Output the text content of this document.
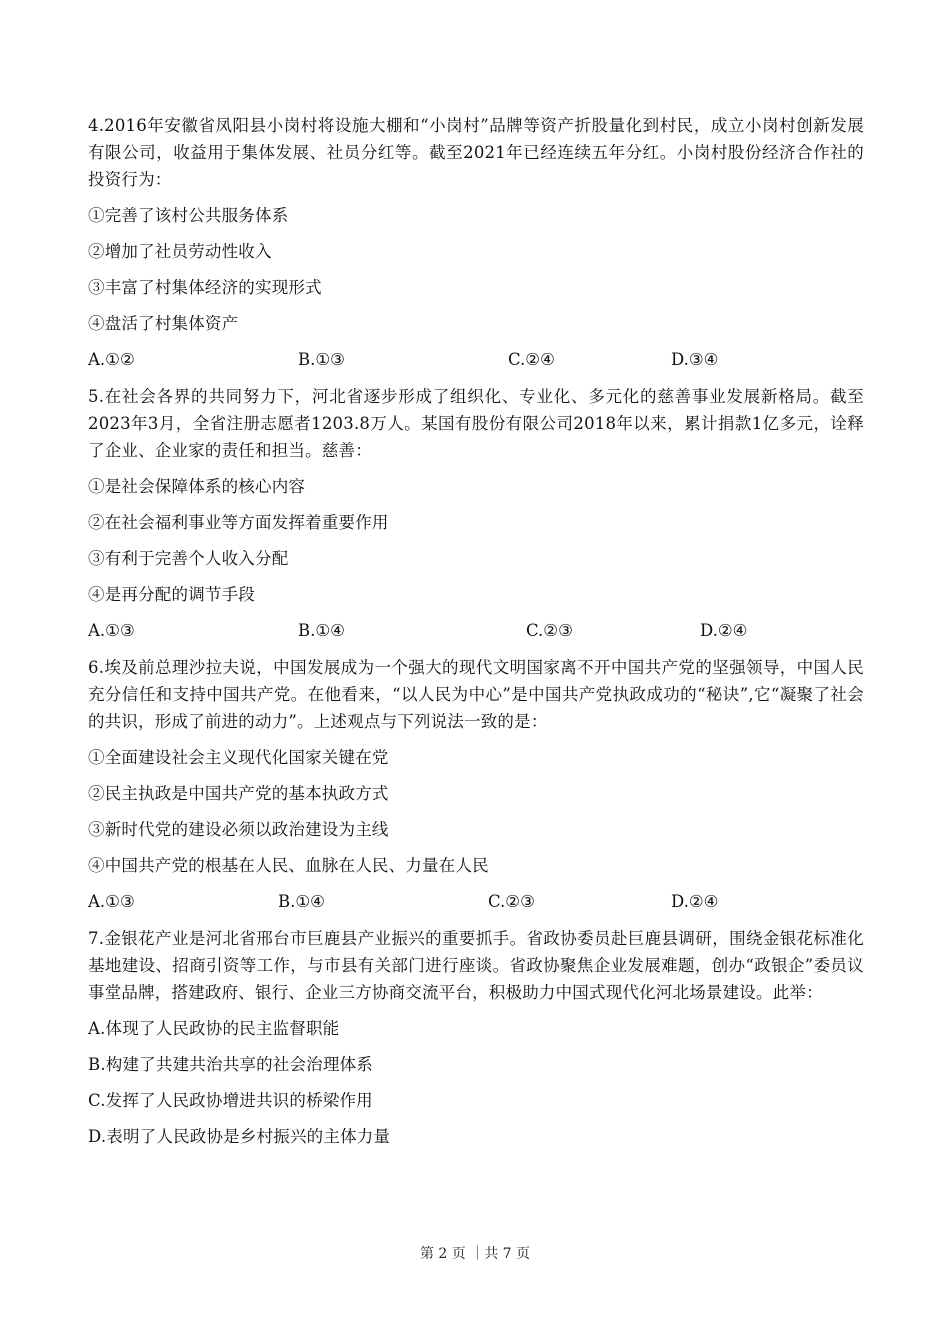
4.2016年安徽省凤阳县小岗村将设施大棚和“小岗村”品牌等资产折股量化到村民，成立小岗村创新发展有限公司，收益用于集体发展、社员分红等。截至2021年已经连续五年分红。小岗村股份经济合作社的投资行为：

①完善了该村公共服务体系

②增加了社员劳动性收入

③丰富了村集体经济的实现形式

④盘活了村集体资产

A.①②	B.①③	C.②④	D.③④

5.在社会各界的共同努力下，河北省逐步形成了组织化、专业化、多元化的慈善事业发展新格局。截至2023年3月，全省注册志愿者1203.8万人。某国有股份有限公司2018年以来，累计捐款1亿多元，诠释了企业、企业家的责任和担当。慈善：

①是社会保障体系的核心内容

②在社会福利事业等方面发挥着重要作用

③有利于完善个人收入分配

④是再分配的调节手段

A.①③	B.①④	C.②③	D.②④

6.埃及前总理沙拉夫说，中国发展成为一个强大的现代文明国家离不开中国共产党的坚强领导，中国人民充分信任和支持中国共产党。在他看来，“以人民为中心”是中国共产党执政成功的“秘诀”,它“凝聚了社会的共识，形成了前进的动力”。上述观点与下列说法一致的是：

①全面建设社会主义现代化国家关键在党

②民主执政是中国共产党的基本执政方式

③新时代党的建设必须以政治建设为主线

④中国共产党的根基在人民、血脉在人民、力量在人民

A.①③	B.①④	C.②③	D.②④

7.金银花产业是河北省邢台市巨鹿县产业振兴的重要抓手。省政协委员赴巨鹿县调研，围绕金银花标准化基地建设、招商引资等工作，与市县有关部门进行座谈。省政协聚焦企业发展难题，创办“政银企”委员议事堂品牌，搭建政府、银行、企业三方协商交流平台，积极助力中国式现代化河北场景建设。此举：

A.体现了人民政协的民主监督职能

B.构建了共建共治共享的社会治理体系

C.发挥了人民政协增进共识的桥梁作用

D.表明了人民政协是乡村振兴的主体力量

第 2 页 ｜共 7 页
